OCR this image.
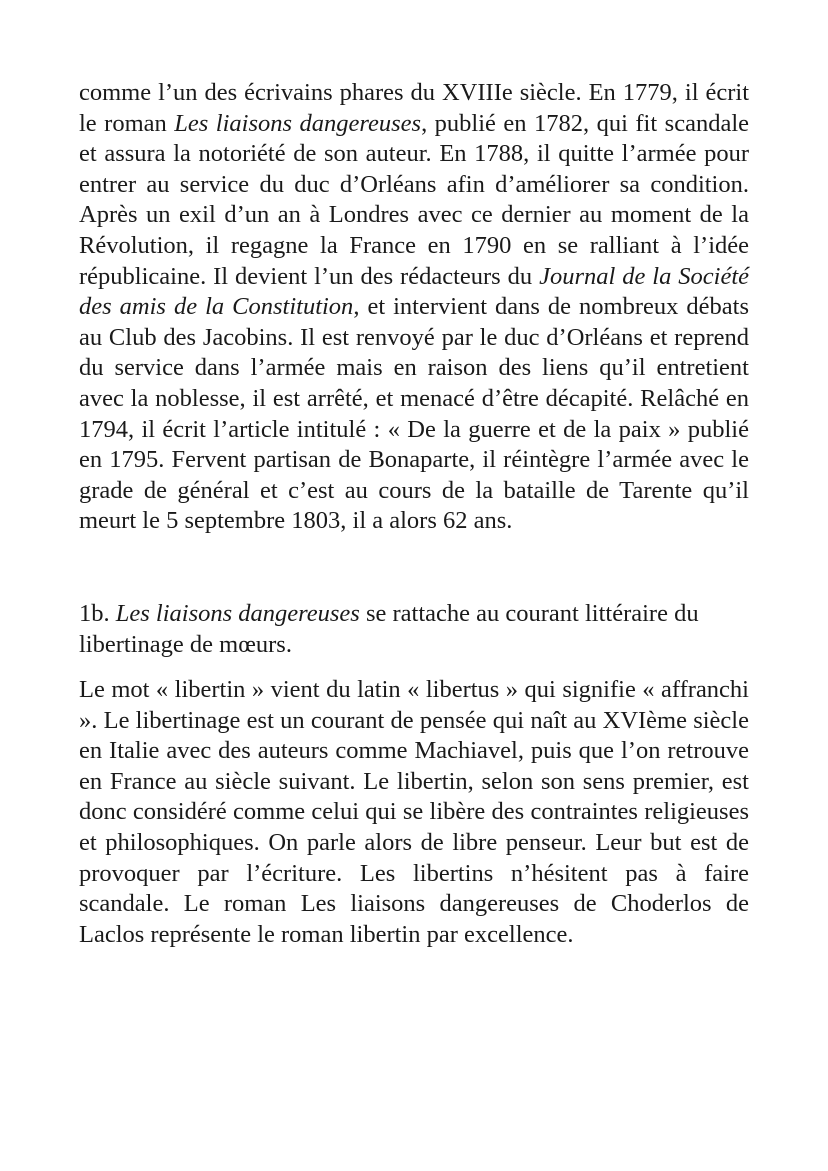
comme l’un des écrivains phares du XVIIIe siècle. En 1779, il écrit le roman Les liaisons dangereuses, publié en 1782, qui fit scandale et assura la notoriété de son auteur. En 1788, il quitte l’armée pour entrer au service du duc d’Orléans afin d’améliorer sa condition. Après un exil d’un an à Londres avec ce dernier au moment de la Révolution, il regagne la France en 1790 en se ralliant à l’idée républicaine. Il devient l’un des rédacteurs du Journal de la Société des amis de la Constitution, et intervient dans de nombreux débats au Club des Jacobins. Il est renvoyé par le duc d’Orléans et reprend du service dans l’armée mais en raison des liens qu’il entretient avec la noblesse, il est arrêté, et menacé d’être décapité. Relâché en 1794, il écrit l’article intitulé : « De la guerre et de la paix » publié en 1795. Fervent partisan de Bonaparte, il réintègre l’armée avec le grade de général et c’est au cours de la bataille de Tarente qu’il meurt le 5 septembre 1803, il a alors 62 ans.

1b. Les liaisons dangereuses se rattache au courant littéraire du libertinage de mœurs.

Le mot « libertin » vient du latin « libertus » qui signifie « affranchi ». Le libertinage est un courant de pensée qui naît au XVIème siècle en Italie avec des auteurs comme Machiavel, puis que l’on retrouve en France au siècle suivant. Le libertin, selon son sens premier, est donc considéré comme celui qui se libère des contraintes religieuses et philosophiques. On parle alors de libre penseur. Leur but est de provoquer par l’écriture. Les libertins n’hésitent pas à faire scandale. Le roman Les liaisons dangereuses de Choderlos de Laclos représente le roman libertin par excellence.
